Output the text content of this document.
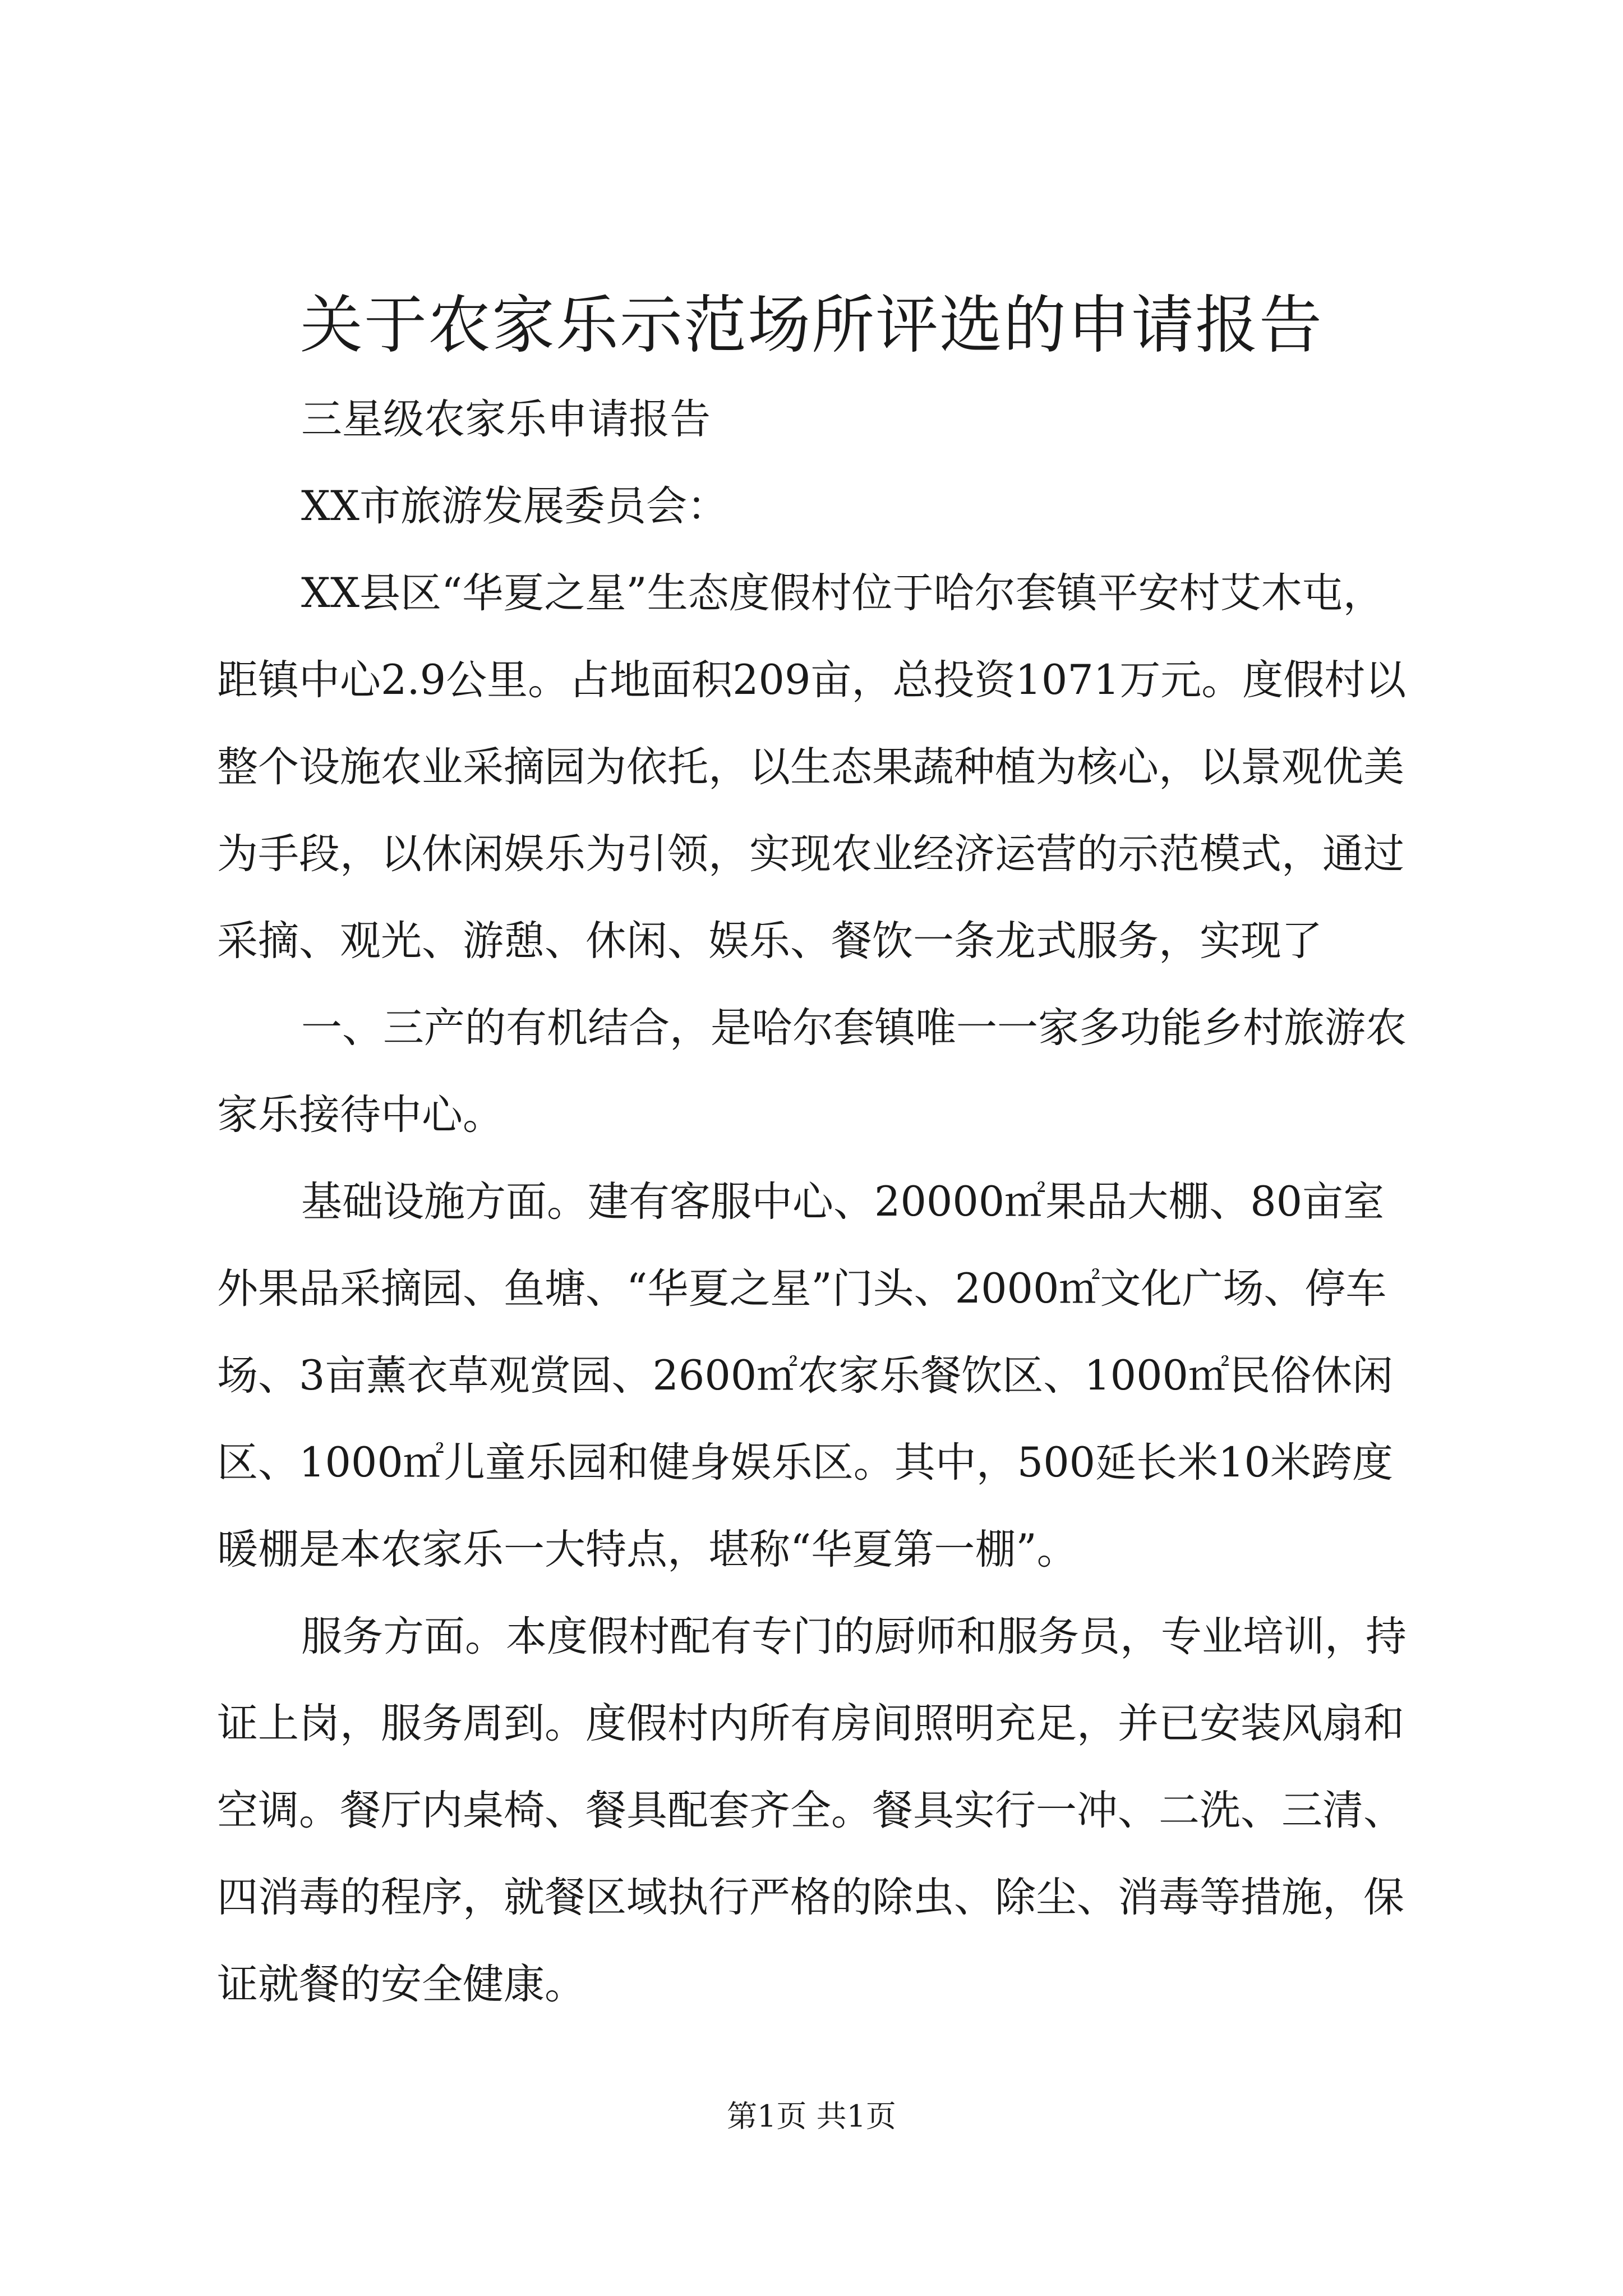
关于农家乐示范场所评选的申请报告

三星级农家乐申请报告

XX市旅游发展委员会：

XX县区“华夏之星”生态度假村位于哈尔套镇平安村艾木屯，距镇中心2.9公里。占地面积209亩，总投资1071万元。度假村以整个设施农业采摘园为依托，以生态果蔬种植为核心，以景观优美为手段，以休闲娱乐为引领，实现农业经济运营的示范模式，通过采摘、观光、游憩、休闲、娱乐、餐饮一条龙式服务，实现了

一、三产的有机结合，是哈尔套镇唯一一家多功能乡村旅游农家乐接待中心。

基础设施方面。建有客服中心、20000㎡果品大棚、80亩室外果品采摘园、鱼塘、“华夏之星”门头、2000㎡文化广场、停车场、3亩薰衣草观赏园、2600㎡农家乐餐饮区、1000㎡民俗休闲区、1000㎡儿童乐园和健身娱乐区。其中，500延长米10米跨度暖棚是本农家乐一大特点，堪称“华夏第一棚”。

服务方面。本度假村配有专门的厨师和服务员，专业培训，持证上岗，服务周到。度假村内所有房间照明充足，并已安装风扇和空调。餐厅内桌椅、餐具配套齐全。餐具实行一冲、二洗、三清、四消毒的程序，就餐区域执行严格的除虫、除尘、消毒等措施，保证就餐的安全健康。

第1页 共1页
